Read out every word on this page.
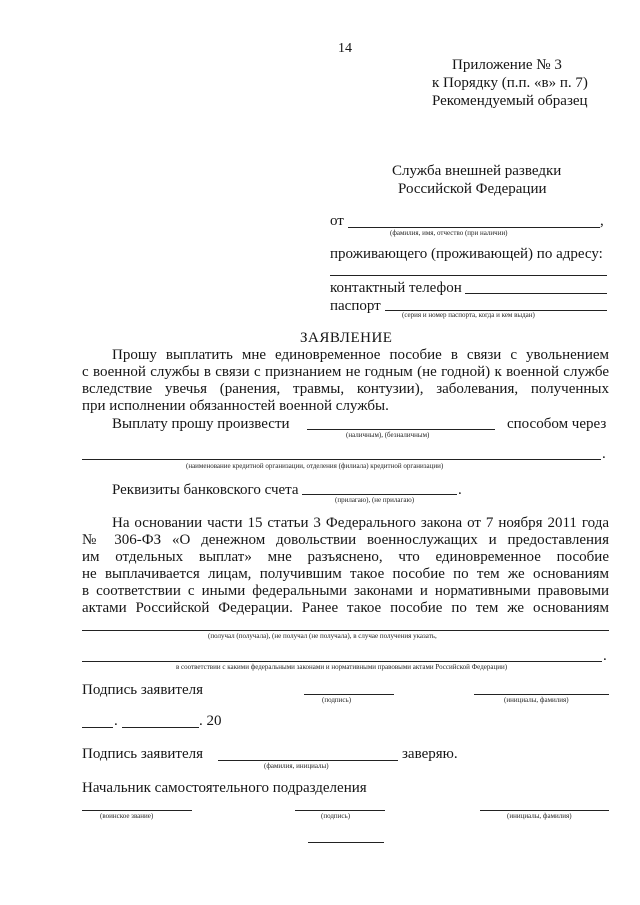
14
Приложение № 3
к Порядку (п.п. «в» п. 7)
Рекомендуемый образец
Служба внешней разведки
Российской Федерации
от	,
(фамилия, имя, отчество (при наличии)
проживающего (проживающей) по адресу:
контактный телефон
паспорт
(серия и номер паспорта, когда и кем выдан)
ЗАЯВЛЕНИЕ
Прошу выплатить мне единовременное пособие в связи с увольнением
с военной службы в связи с признанием не годным (не годной) к военной службе
вследствие увечья (ранения, травмы, контузии), заболевания, полученных
при исполнении обязанностей военной службы.
Выплату прошу произвести
(наличным), (безналичным)
способом через
.
(наименование кредитной организации, отделения (филиала) кредитной организации)
Реквизиты банковского счета	.
(прилагаю), (не прилагаю)
На основании части 15 статьи 3 Федерального закона от 7 ноября 2011 года
№ 306-ФЗ «О денежном довольствии военнослужащих и предоставления
им отдельных выплат» мне разъяснено, что единовременное пособие
не выплачивается лицам, получившим такое пособие по тем же основаниям
в соответствии с иными федеральными законами и нормативными правовыми
актами Российской Федерации. Ранее такое пособие по тем же основаниям
(получал (получала), (не получал (не получала), в случае получения указать,
.
в соответствии с какими федеральными законами и нормативными правовыми актами Российской Федерации)
Подпись заявителя
(подпись)	(инициалы, фамилия)
.	. 20
Подпись заявителя
(фамилия, инициалы)
заверяю.
Начальник самостоятельного подразделения
(воинское звание)	(подпись)	(инициалы, фамилия)
